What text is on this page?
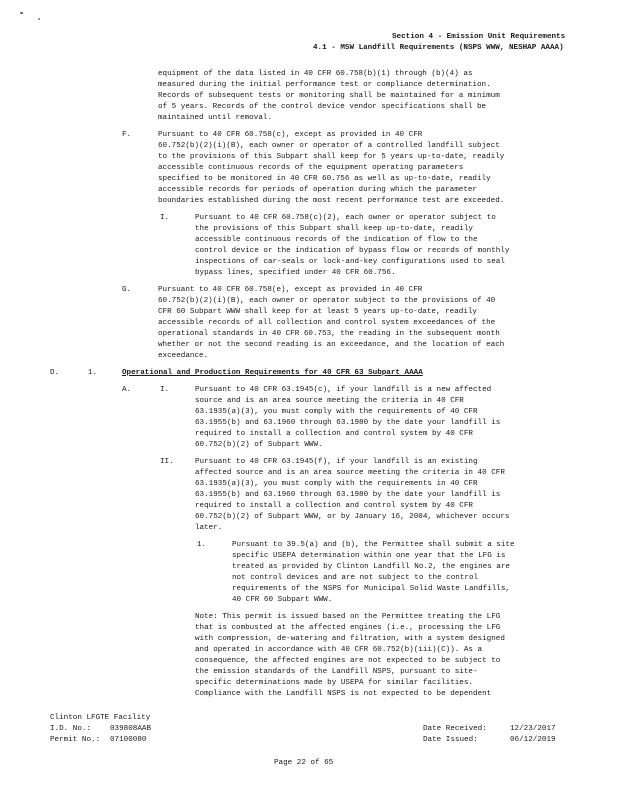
Section 4 - Emission Unit Requirements
4.1 - MSW Landfill Requirements (NSPS WWW, NESHAP AAAA)
equipment of the data listed in 40 CFR 60.758(b)(1) through (b)(4) as
measured during the initial performance test or compliance determination.
Records of subsequent tests or monitoring shall be maintained for a minimum
of 5 years. Records of the control device vendor specifications shall be
maintained until removal.
F.	Pursuant to 40 CFR 60.758(c), except as provided in 40 CFR
60.752(b)(2)(i)(B), each owner or operator of a controlled landfill subject
to the provisions of this Subpart shall keep for 5 years up-to-date, readily
accessible continuous records of the equipment operating parameters
specified to be monitored in 40 CFR 60.756 as well as up-to-date, readily
accessible records for periods of operation during which the parameter
boundaries established during the most recent performance test are exceeded.
I.	Pursuant to 40 CFR 60.758(c)(2), each owner or operator subject to
the provisions of this Subpart shall keep up-to-date, readily
accessible continuous records of the indication of flow to the
control device or the indication of bypass flow or records of monthly
inspections of car-seals or lock-and-key configurations used to seal
bypass lines, specified under 40 CFR 60.756.
G.	Pursuant to 40 CFR 60.758(e), except as provided in 40 CFR
60.752(b)(2)(i)(B), each owner or operator subject to the provisions of 40
CFR 60 Subpart WWW shall keep for at least 5 years up-to-date, readily
accessible records of all collection and control system exceedances of the
operational standards in 40 CFR 60.753, the reading in the subsequent month
whether or not the second reading is an exceedance, and the location of each
exceedance.
D.	1.	Operational and Production Requirements for 40 CFR 63 Subpart AAAA
A.	I.	Pursuant to 40 CFR 63.1945(c), if your landfill is a new affected
source and is an area source meeting the criteria in 40 CFR
63.1935(a)(3), you must comply with the requirements of 40 CFR
63.1955(b) and 63.1960 through 63.1980 by the date your landfill is
required to install a collection and control system by 40 CFR
60.752(b)(2) of Subpart WWW.
II.	Pursuant to 40 CFR 63.1945(f), if your landfill is an existing
affected source and is an area source meeting the criteria in 40 CFR
63.1935(a)(3), you must comply with the requirements in 40 CFR
63.1955(b) and 63.1960 through 63.1980 by the date your landfill is
required to install a collection and control system by 40 CFR
60.752(b)(2) of Subpart WWW, or by January 16, 2004, whichever occurs
later.
1.	Pursuant to 39.5(a) and (b), the Permittee shall submit a site
specific USEPA determination within one year that the LFG is
treated as provided by Clinton Landfill No.2, the engines are
not control devices and are not subject to the control
requirements of the NSPS for Municipal Solid Waste Landfills,
40 CFR 60 Subpart WWW.
Note: This permit is issued based on the Permittee treating the LFG
that is combusted at the affected engines (i.e., processing the LFG
with compression, de-watering and filtration, with a system designed
and operated in accordance with 40 CFR 60.752(b)(iii)(C)). As a
consequence, the affected engines are not expected to be subject to
the emission standards of the Landfill NSPS, pursuant to site-
specific determinations made by USEPA for similar facilities.
Compliance with the Landfill NSPS is not expected to be dependent
Clinton LFGTE Facility
I.D. No.: 039808AAB
Permit No.: 07100080
Date Received:	12/23/2017
Date Issued:	06/12/2019
Page 22 of 65
